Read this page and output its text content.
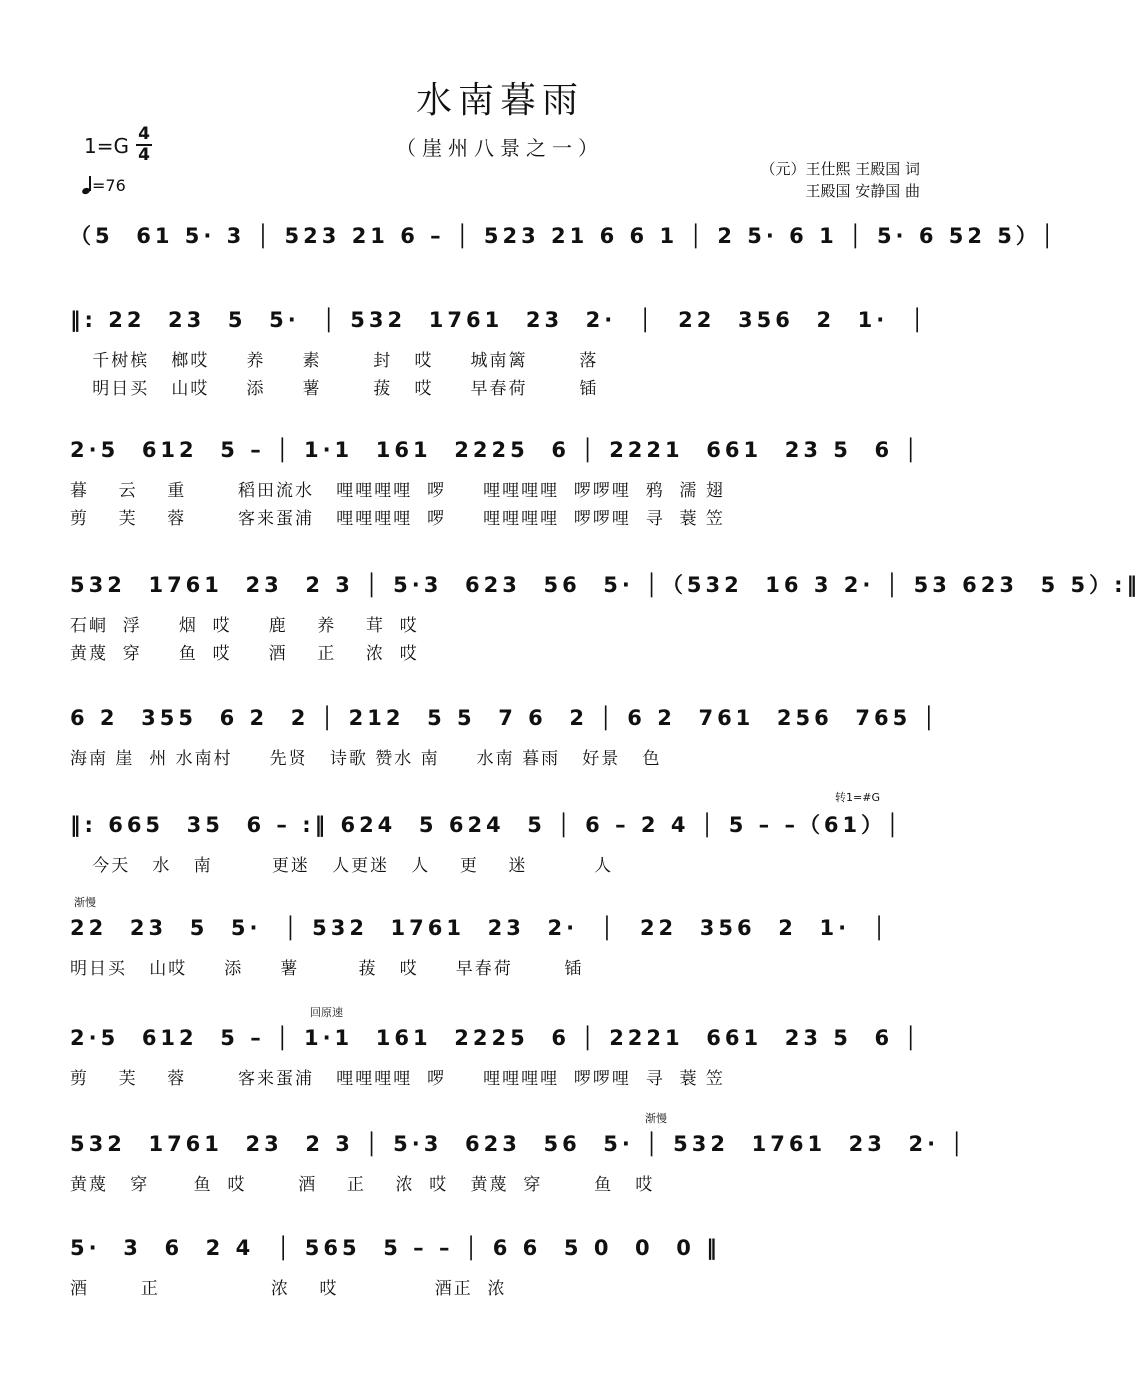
水南暮雨
（崖州八景之一）
1=G 4
4
=76
（元）王仕熙 王殿国 词
王殿国 安静国 曲
（5  61 5· 3 │ 523 21 6 – │ 523 21 6 6 1 │ 2 5· 6 1 │ 5· 6 52 5）│
‖: 22  23  5  5·  │ 532  1761  23  2·  │  22  356  2  1·  │
千树槟   榔哎     养     素       封   哎     城南篱       落
明日买   山哎     添     薯       菝   哎     早春荷       锸
2·5  612  5 – │ 1·1  161  2225  6 │ 2221  661  23 5  6 │
暮    云    重       稻田流水   哩哩哩哩  啰     哩哩哩哩  啰啰哩  鸦  濡 翅
剪    芙    蓉       客来蛋浦   哩哩哩哩  啰     哩哩哩哩  啰啰哩  寻  蓑 笠
532  1761  23  2 3 │ 5·3  623  56  5· │（532  16 3 2· │ 53 623  5 5）:‖
石峒  浮     烟  哎     鹿    养    茸  哎
黄蔑  穿     鱼  哎     酒    正    浓  哎
6 2  355  6 2  2 │ 212  5 5  7 6  2 │ 6 2  761  256  765 │
海南 崖  州 水南村     先贤   诗歌 赞水 南     水南 暮雨   好景   色
‖: 665  35  6 – :‖ 624  5 624  5 │ 6 – 2 4 │ 5 – –（61）│
今天   水   南        更迷   人更迷   人    更    迷         人
转1=#G
22  23  5  5·  │ 532  1761  23  2·  │  22  356  2  1·  │
明日买   山哎     添     薯        菝   哎     早春荷       锸
渐慢
2·5  612  5 – │ 1·1  161  2225  6 │ 2221  661  23 5  6 │
剪    芙    蓉       客来蛋浦   哩哩哩哩  啰     哩哩哩哩  啰啰哩  寻  蓑 笠
回原速
532  1761  23  2 3 │ 5·3  623  56  5· │ 532  1761  23  2· │
黄蔑   穿      鱼  哎       酒    正    浓  哎   黄蔑  穿       鱼   哎
渐慢
5·  3  6  2 4  │ 565  5 – – │ 6 6  5 0  0  0 ‖
酒       正               浓    哎             酒正  浓
